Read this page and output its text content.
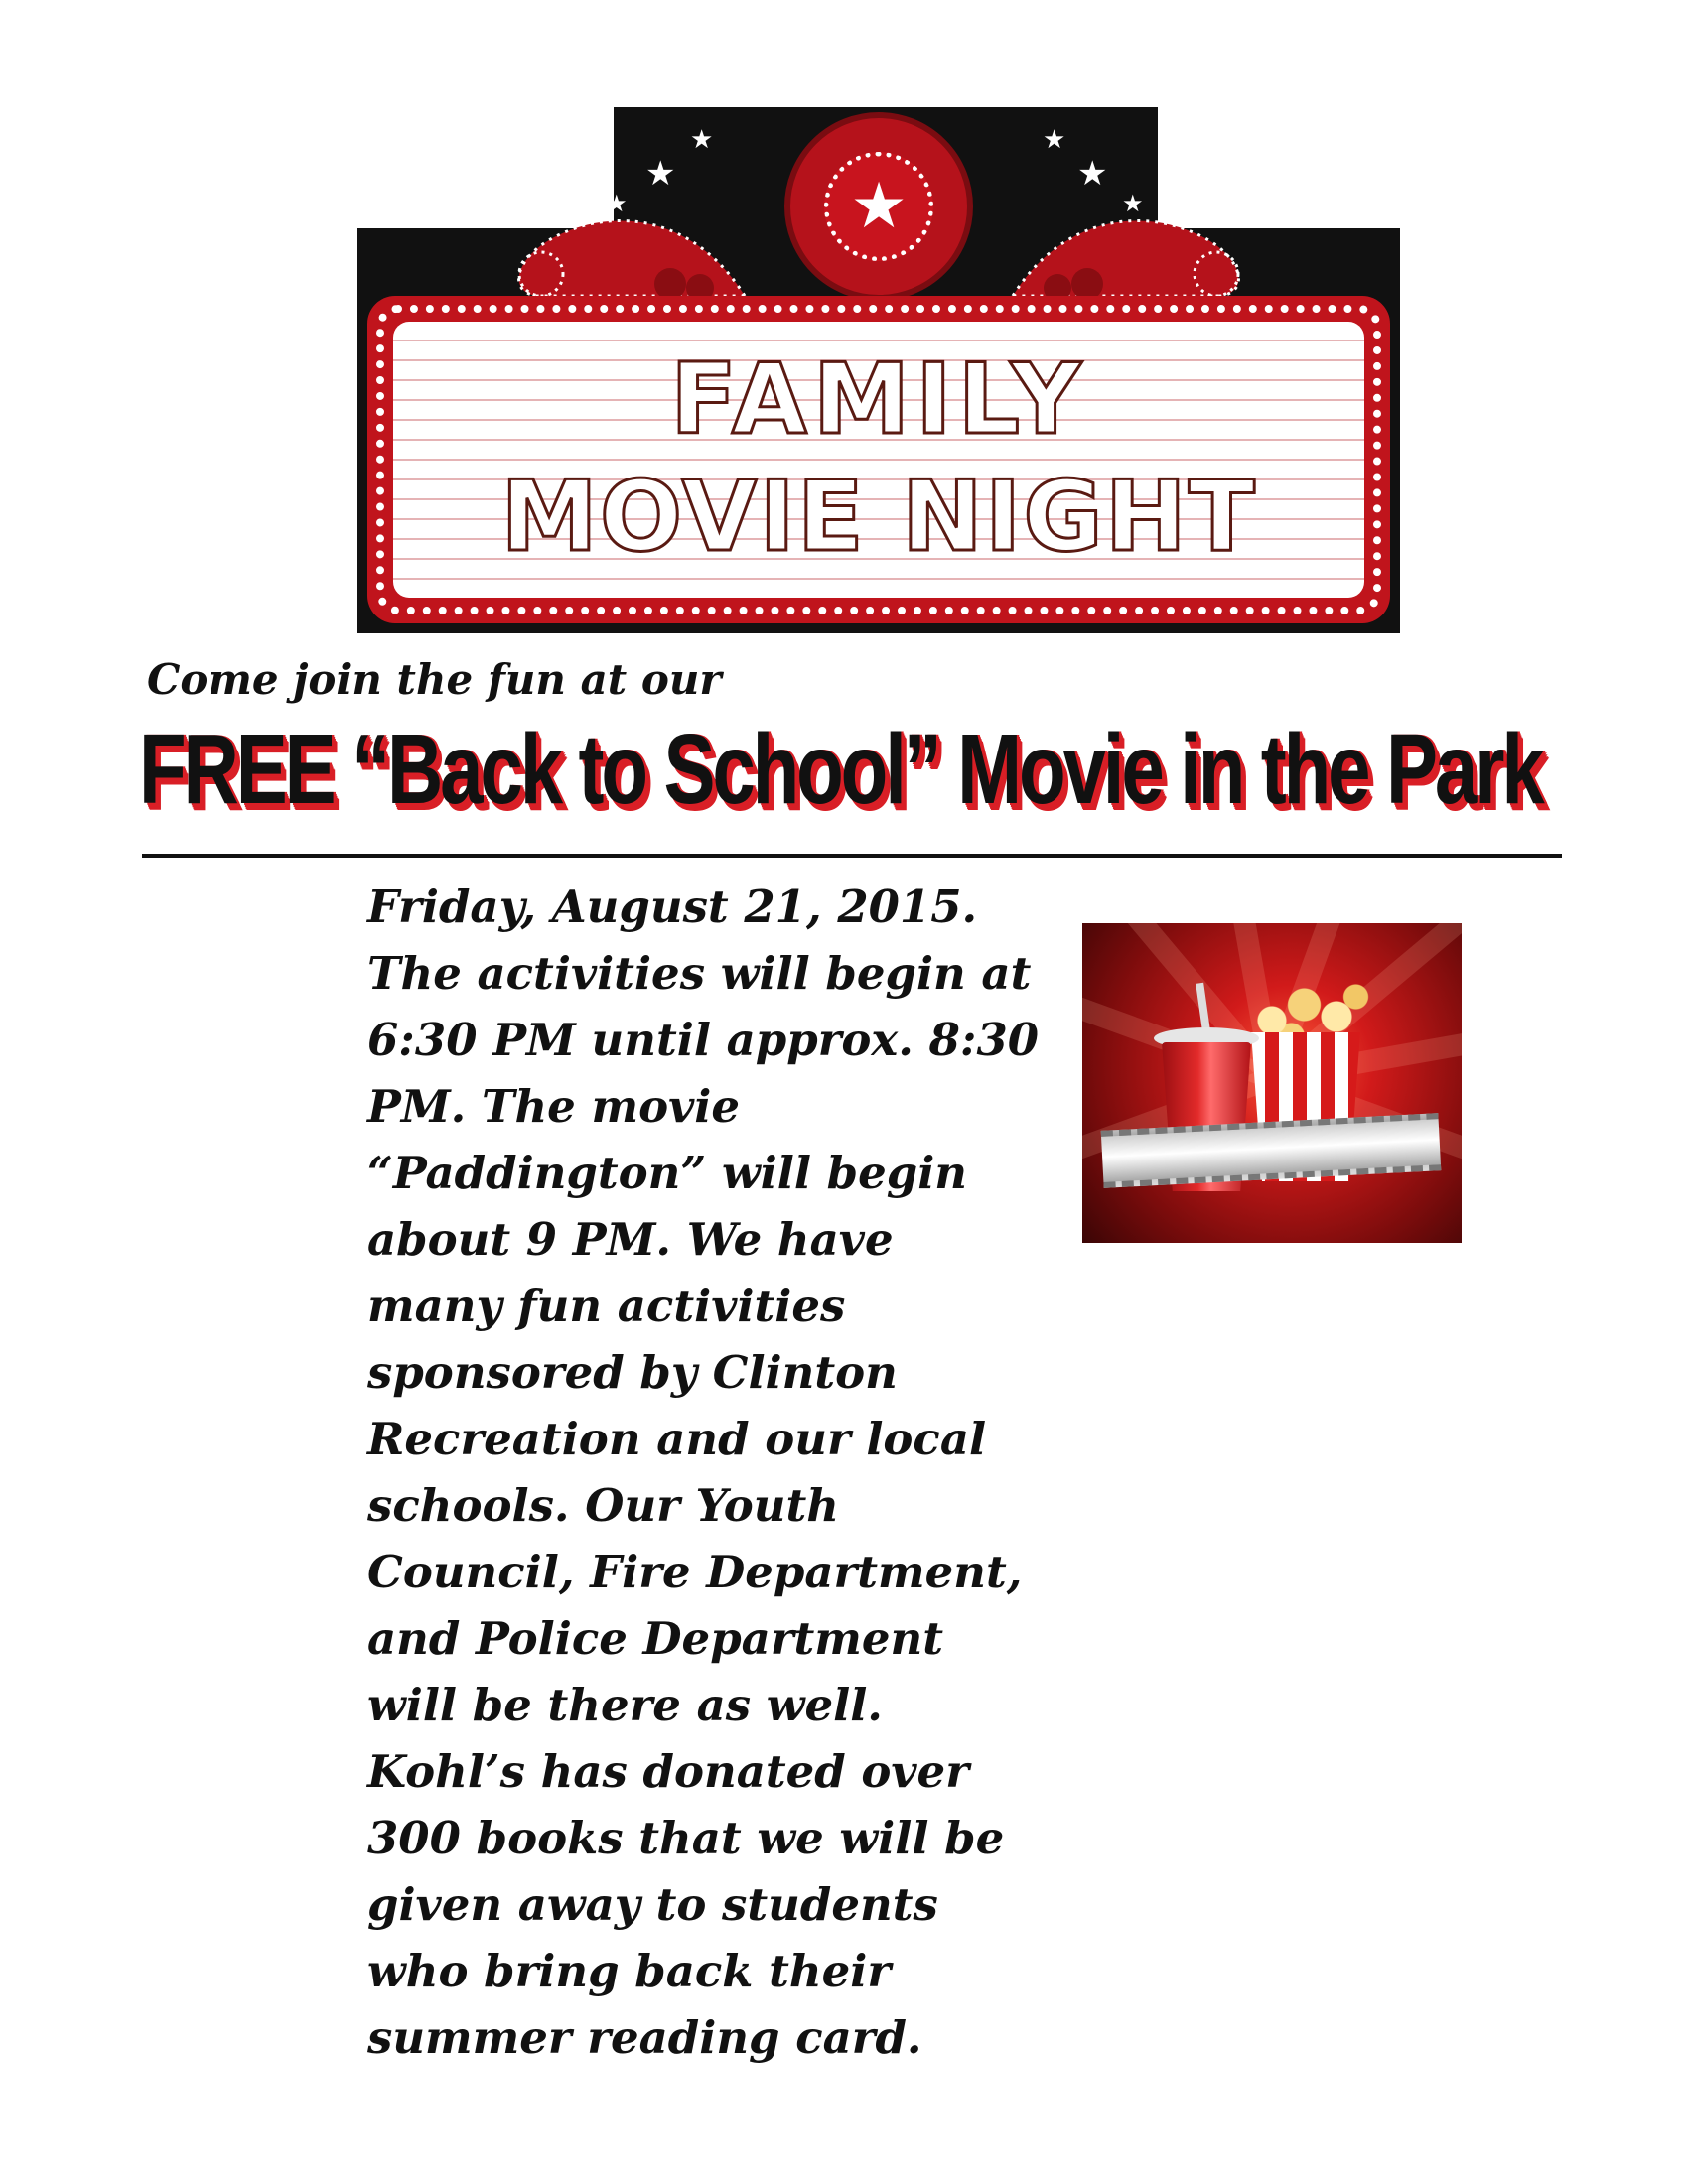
★
★
★
★
★
★
★
FAMILY
MOVIE NIGHT
Come join the fun at our
FREE “Back to School” Movie in the Park
Friday, August 21, 2015.
The activities will begin at
6:30 PM until approx. 8:30
PM. The movie
“Paddington” will begin
about 9 PM. We have
many fun activities
sponsored by Clinton
Recreation and our local
schools. Our Youth
Council, Fire Department,
and Police Department
will be there as well.
Kohl’s has donated over
300 books that we will be
given away to students
who bring back their
summer reading card.
